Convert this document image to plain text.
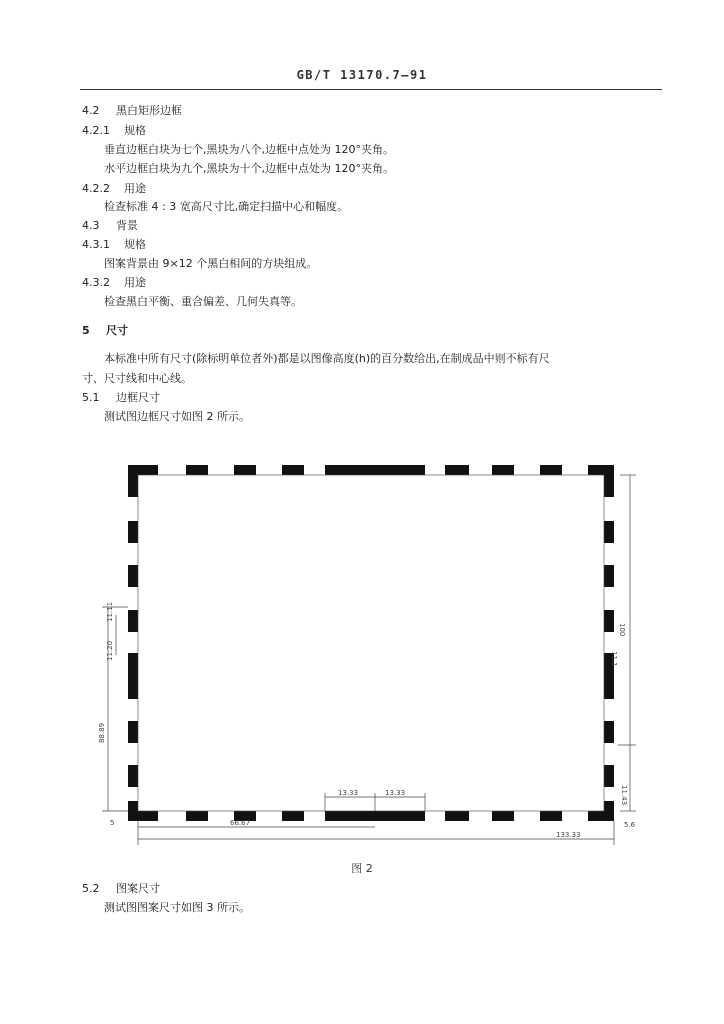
GB/T 13170.7—91
4.2 黑白矩形边框
4.2.1 规格
垂直边框白块为七个,黑块为八个,边框中点处为 120°夹角。
水平边框白块为九个,黑块为十个,边框中点处为 120°夹角。
4.2.2 用途
检查标准 4 : 3 宽高尺寸比,确定扫描中心和幅度。
4.3 背景
4.3.1 规格
图案背景由 9×12 个黑白相间的方块组成。
4.3.2 用途
检查黑白平衡、重合偏差、几何失真等。
5 尺寸
本标准中所有尺寸(除标明单位者外)都是以图像高度(h)的百分数给出,在制成品中则不标有尺
寸、尺寸线和中心线。
5.1 边框尺寸
测试图边框尺寸如图 2 所示。
5.2 图案尺寸
测试图图案尺寸如图 3 所示。
100
11.1
11.43
5.6
11.11
11.20
88.89
5
13.33	13.33
66.67
133.33
图 2
